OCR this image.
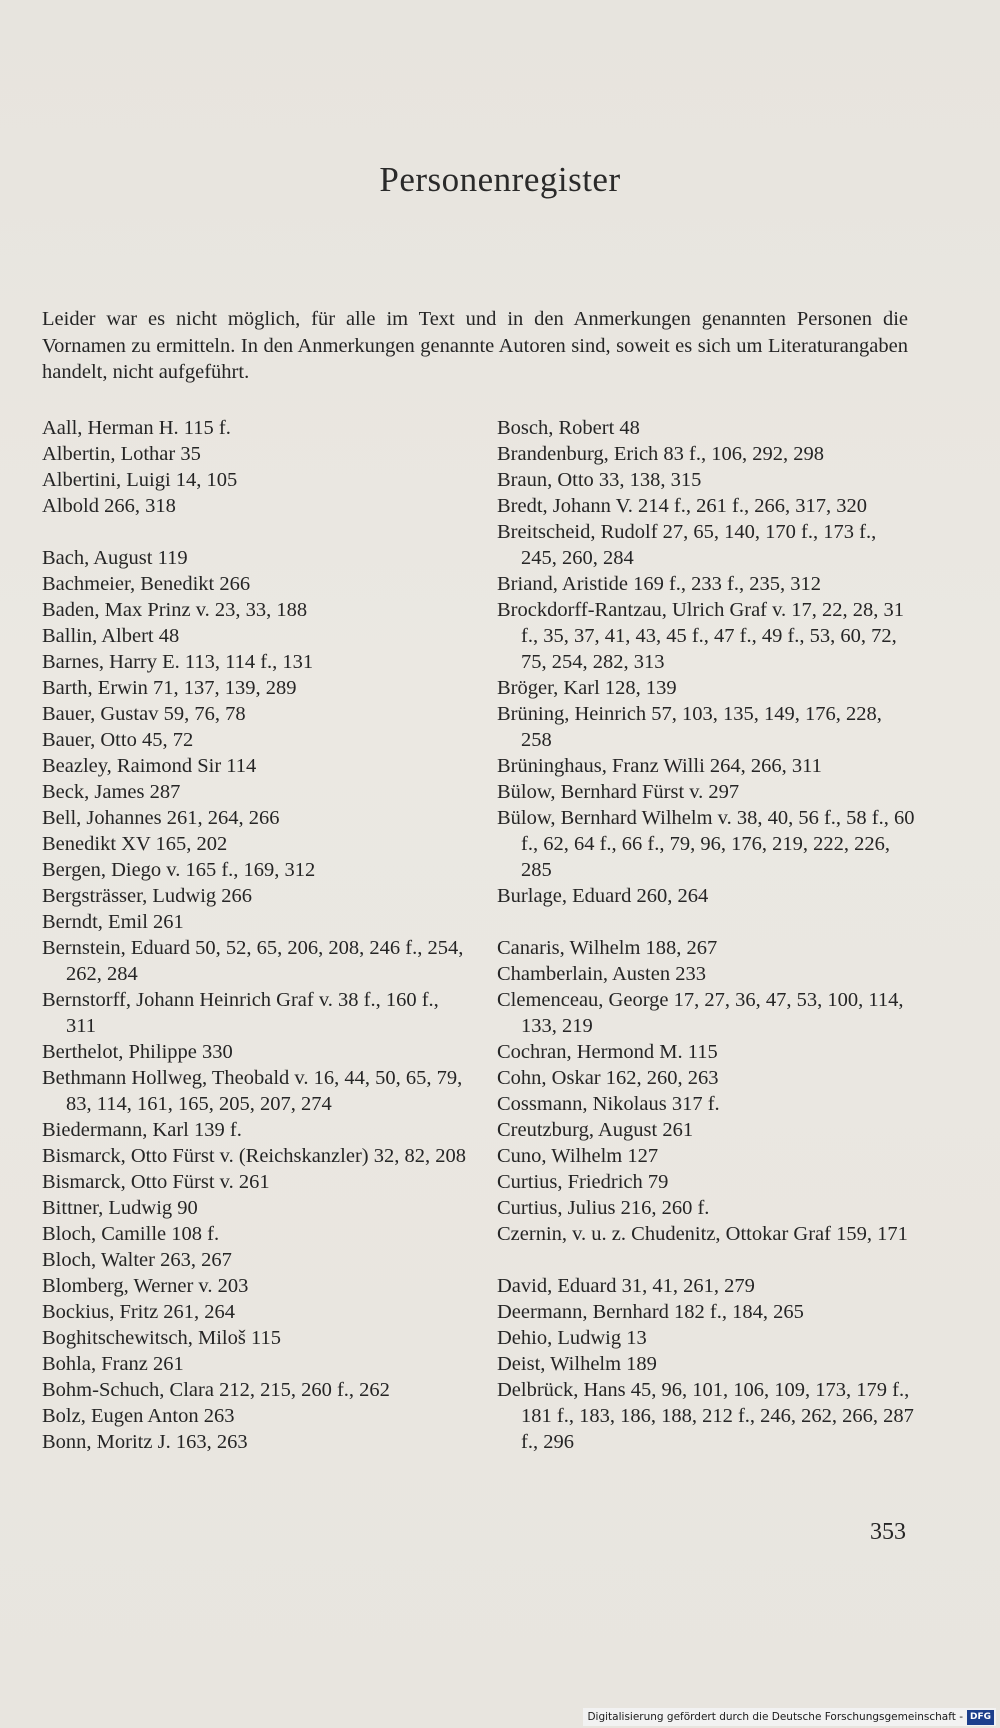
Personenregister
Leider war es nicht möglich, für alle im Text und in den Anmerkungen genannten Personen die Vornamen zu ermitteln. In den Anmerkungen genannte Autoren sind, soweit es sich um Literaturangaben handelt, nicht aufgeführt.

Aall, Herman H. 115 f.

Albertin, Lothar 35

Albertini, Luigi 14, 105

Albold 266, 318

Bach, August 119

Bachmeier, Benedikt 266

Baden, Max Prinz v. 23, 33, 188

Ballin, Albert 48

Barnes, Harry E. 113, 114 f., 131

Barth, Erwin 71, 137, 139, 289

Bauer, Gustav 59, 76, 78

Bauer, Otto 45, 72

Beazley, Raimond Sir 114

Beck, James 287

Bell, Johannes 261, 264, 266

Benedikt XV 165, 202

Bergen, Diego v. 165 f., 169, 312

Bergsträsser, Ludwig 266

Berndt, Emil 261

Bernstein, Eduard 50, 52, 65, 206, 208, 246 f., 254, 262, 284

Bernstorff, Johann Heinrich Graf v. 38 f., 160 f., 311

Berthelot, Philippe 330

Bethmann Hollweg, Theobald v. 16, 44, 50, 65, 79, 83, 114, 161, 165, 205, 207, 274

Biedermann, Karl 139 f.

Bismarck, Otto Fürst v. (Reichskanzler) 32, 82, 208

Bismarck, Otto Fürst v. 261

Bittner, Ludwig 90

Bloch, Camille 108 f.

Bloch, Walter 263, 267

Blomberg, Werner v. 203

Bockius, Fritz 261, 264

Boghitschewitsch, Miloš 115

Bohla, Franz 261

Bohm-Schuch, Clara 212, 215, 260 f., 262

Bolz, Eugen Anton 263

Bonn, Moritz J. 163, 263

Bosch, Robert 48

Brandenburg, Erich 83 f., 106, 292, 298

Braun, Otto 33, 138, 315

Bredt, Johann V. 214 f., 261 f., 266, 317, 320

Breitscheid, Rudolf 27, 65, 140, 170 f., 173 f., 245, 260, 284

Briand, Aristide 169 f., 233 f., 235, 312

Brockdorff-Rantzau, Ulrich Graf v. 17, 22, 28, 31 f., 35, 37, 41, 43, 45 f., 47 f., 49 f., 53, 60, 72, 75, 254, 282, 313

Bröger, Karl 128, 139

Brüning, Heinrich 57, 103, 135, 149, 176, 228, 258

Brüninghaus, Franz Willi 264, 266, 311

Bülow, Bernhard Fürst v. 297

Bülow, Bernhard Wilhelm v. 38, 40, 56 f., 58 f., 60 f., 62, 64 f., 66 f., 79, 96, 176, 219, 222, 226, 285

Burlage, Eduard 260, 264

Canaris, Wilhelm 188, 267

Chamberlain, Austen 233

Clemenceau, George 17, 27, 36, 47, 53, 100, 114, 133, 219

Cochran, Hermond M. 115

Cohn, Oskar 162, 260, 263

Cossmann, Nikolaus 317 f.

Creutzburg, August 261

Cuno, Wilhelm 127

Curtius, Friedrich 79

Curtius, Julius 216, 260 f.

Czernin, v. u. z. Chudenitz, Ottokar Graf 159, 171

David, Eduard 31, 41, 261, 279

Deermann, Bernhard 182 f., 184, 265

Dehio, Ludwig 13

Deist, Wilhelm 189

Delbrück, Hans 45, 96, 101, 106, 109, 173, 179 f., 181 f., 183, 186, 188, 212 f., 246, 262, 266, 287 f., 296

353
Digitalisierung gefördert durch die Deutsche Forschungsgemeinschaft - DFG
